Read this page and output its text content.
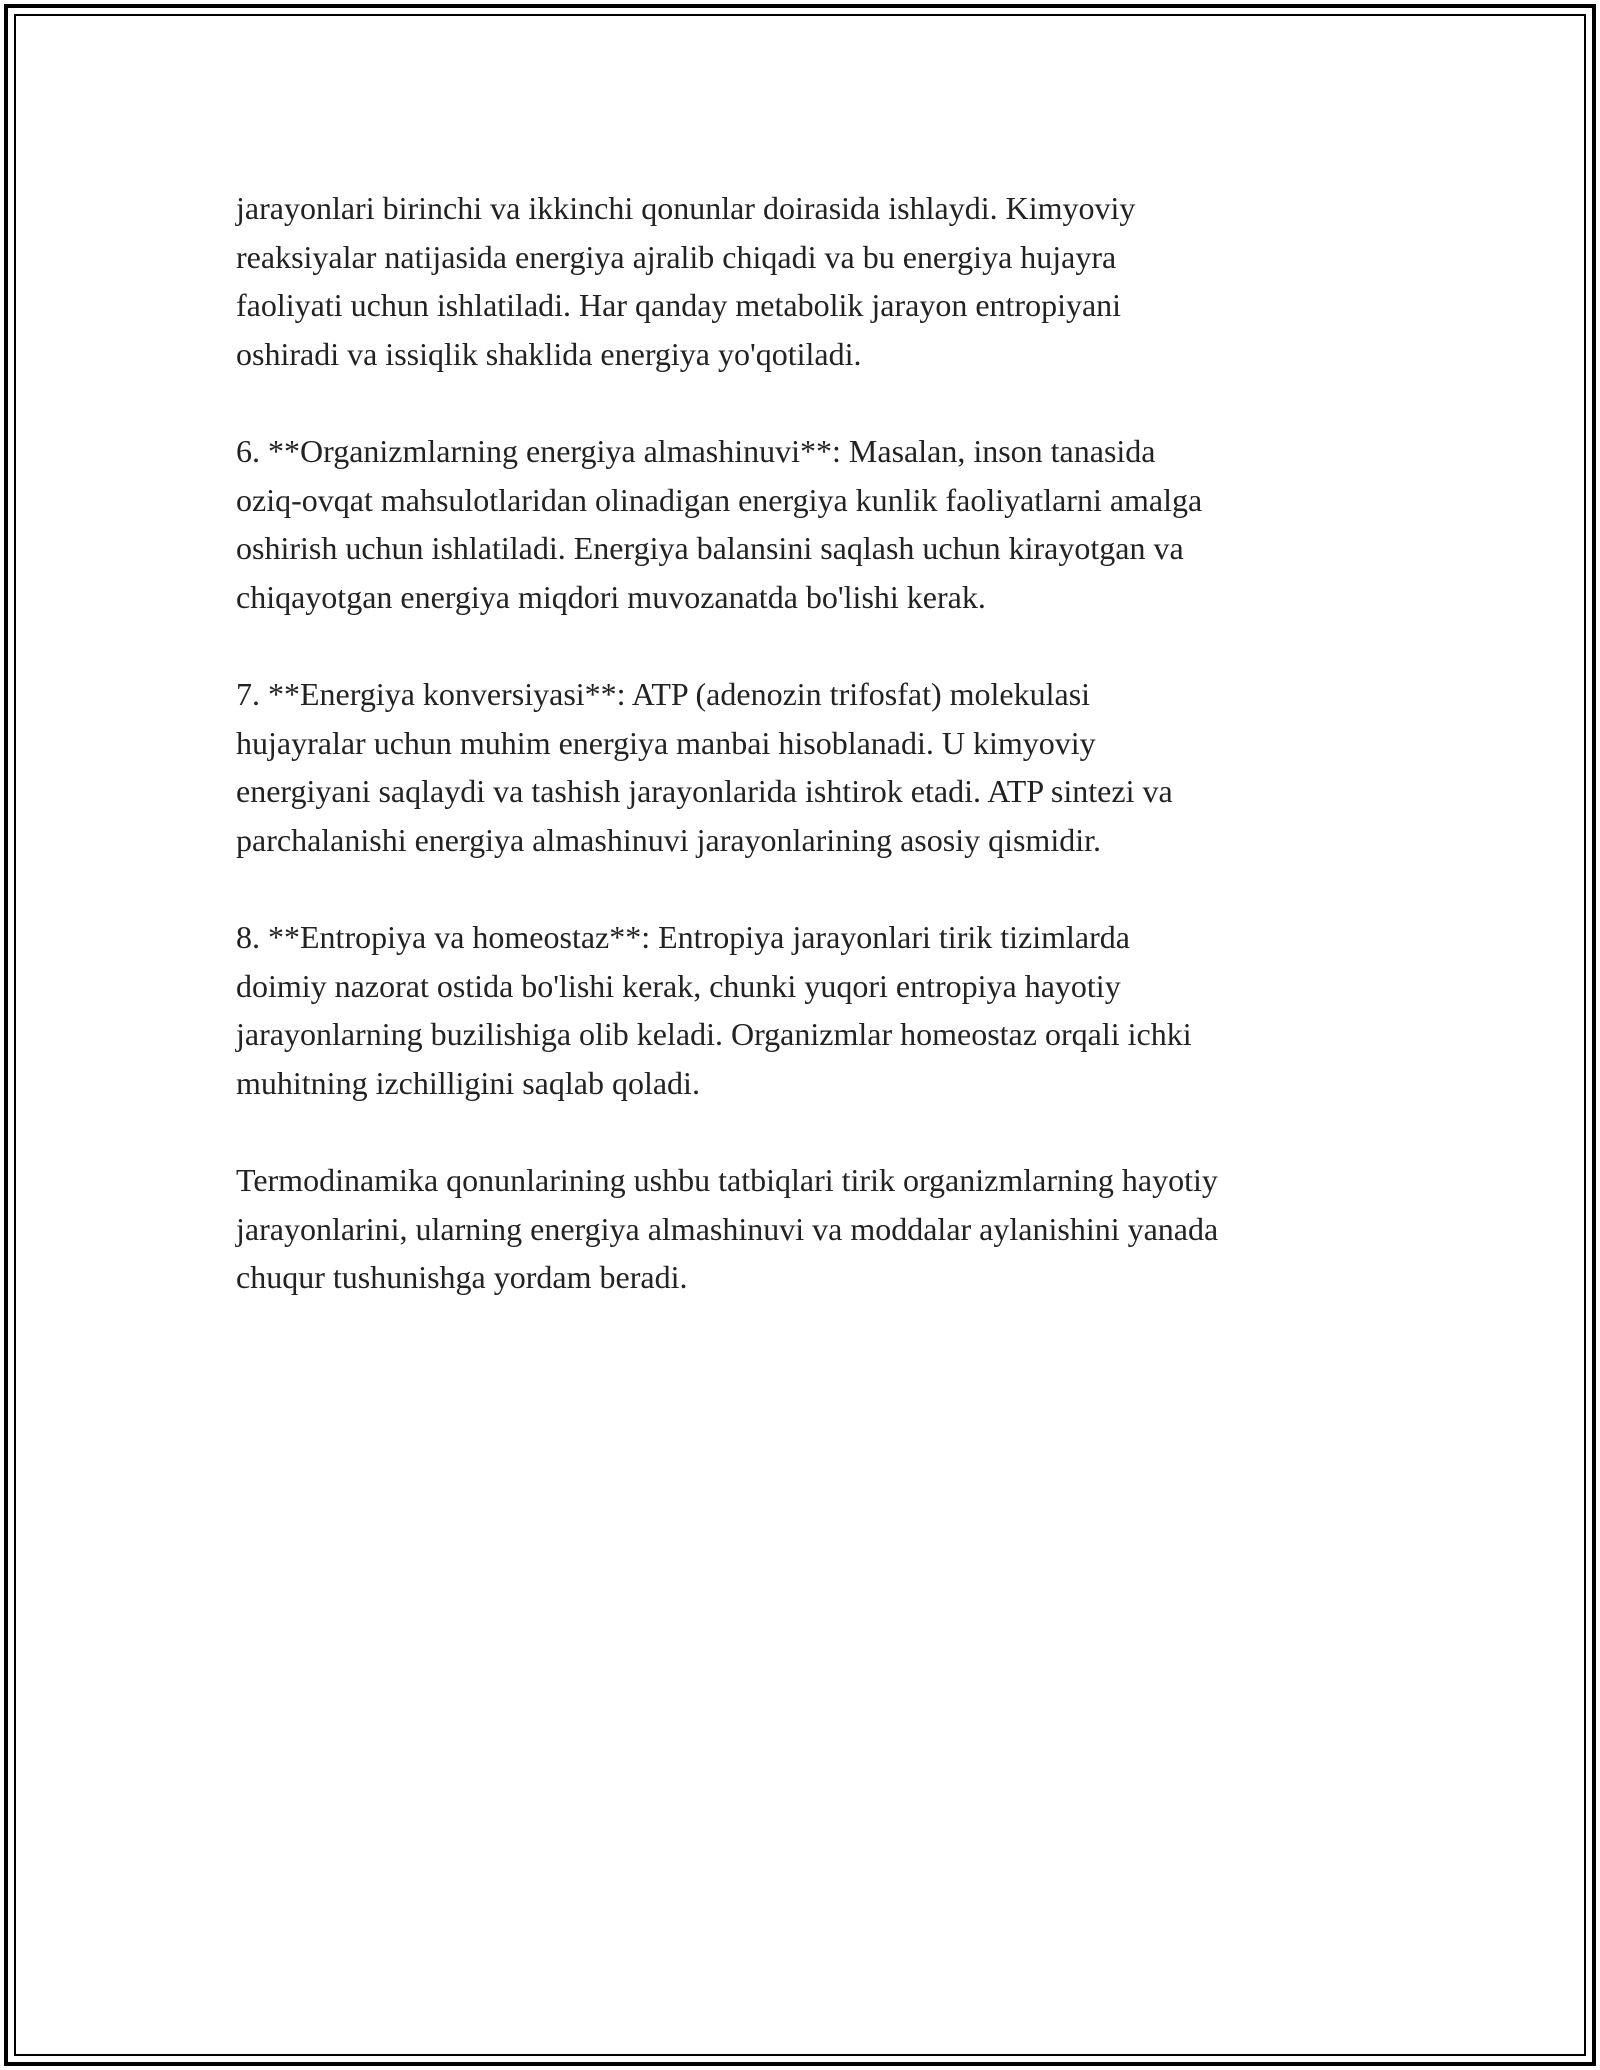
jarayonlari birinchi va ikkinchi qonunlar doirasida ishlaydi. Kimyoviy
reaksiyalar natijasida energiya ajralib chiqadi va bu energiya hujayra
faoliyati uchun ishlatiladi. Har qanday metabolik jarayon entropiyani
oshiradi va issiqlik shaklida energiya yo'qotiladi.

6. **Organizmlarning energiya almashinuvi**: Masalan, inson tanasida
oziq-ovqat mahsulotlaridan olinadigan energiya kunlik faoliyatlarni amalga
oshirish uchun ishlatiladi. Energiya balansini saqlash uchun kirayotgan va
chiqayotgan energiya miqdori muvozanatda bo'lishi kerak.

7. **Energiya konversiyasi**: ATP (adenozin trifosfat) molekulasi
hujayralar uchun muhim energiya manbai hisoblanadi. U kimyoviy
energiyani saqlaydi va tashish jarayonlarida ishtirok etadi. ATP sintezi va
parchalanishi energiya almashinuvi jarayonlarining asosiy qismidir.

8. **Entropiya va homeostaz**: Entropiya jarayonlari tirik tizimlarda
doimiy nazorat ostida bo'lishi kerak, chunki yuqori entropiya hayotiy
jarayonlarning buzilishiga olib keladi. Organizmlar homeostaz orqali ichki
muhitning izchilligini saqlab qoladi.

Termodinamika qonunlarining ushbu tatbiqlari tirik organizmlarning hayotiy
jarayonlarini, ularning energiya almashinuvi va moddalar aylanishini yanada
chuqur tushunishga yordam beradi.
